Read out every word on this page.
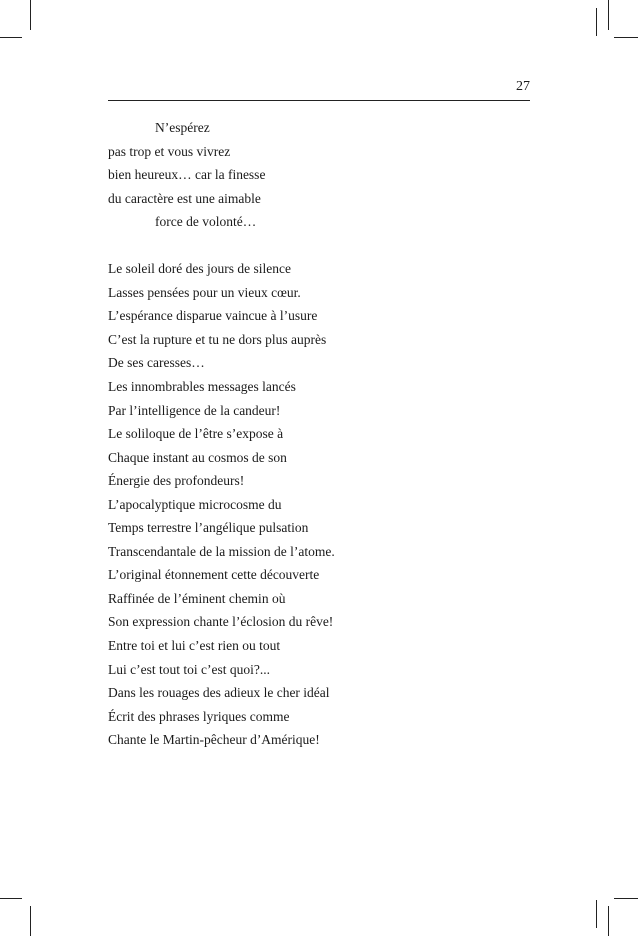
27
N’espérez
pas trop et vous vivrez
bien heureux… car la finesse
du caractère est une aimable
force de volonté…
Le soleil doré des jours de silence
Lasses pensées pour un vieux cœur.
L’espérance disparue vaincue à l’usure
C’est la rupture et tu ne dors plus auprès
De ses caresses…
Les innombrables messages lancés
Par l’intelligence de la candeur!
Le soliloque de l’être s’expose à
Chaque instant au cosmos de son
Énergie des profondeurs!
L’apocalyptique microcosme du
Temps terrestre l’angélique pulsation
Transcendantale de la mission de l’atome.
L’original étonnement cette découverte
Raffinée de l’éminent chemin où
Son expression chante l’éclosion du rêve!
Entre toi et lui c’est rien ou tout
Lui c’est tout toi c’est quoi?...
Dans les rouages des adieux le cher idéal
Écrit des phrases lyriques comme
Chante le Martin-pêcheur d’Amérique!
